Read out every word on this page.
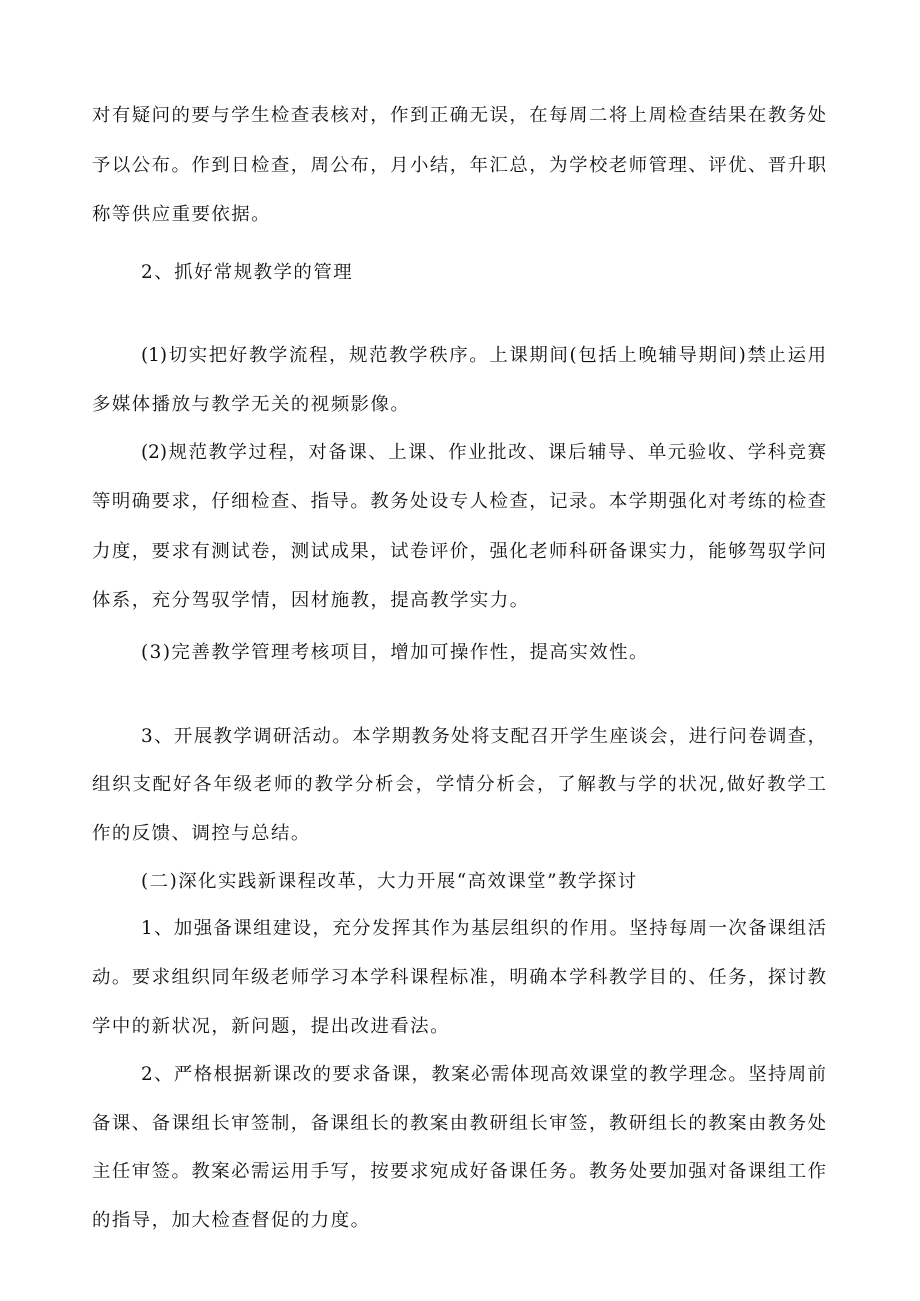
对有疑问的要与学生检查表核对，作到正确无误，在每周二将上周检查结果在教务处
予以公布。作到日检查，周公布，月小结，年汇总，为学校老师管理、评优、晋升职
称等供应重要依据。
2、抓好常规教学的管理
(1)切实把好教学流程，规范教学秩序。上课期间(包括上晚辅导期间)禁止运用
多媒体播放与教学无关的视频影像。
(2)规范教学过程，对备课、上课、作业批改、课后辅导、单元验收、学科竞赛
等明确要求，仔细检查、指导。教务处设专人检查，记录。本学期强化对考练的检查
力度，要求有测试卷，测试成果，试卷评价，强化老师科研备课实力，能够驾驭学问
体系，充分驾驭学情，因材施教，提高教学实力。
(3)完善教学管理考核项目，增加可操作性，提高实效性。
3、开展教学调研活动。本学期教务处将支配召开学生座谈会，进行问卷调查，
组织支配好各年级老师的教学分析会，学情分析会，了解教与学的状况,做好教学工
作的反馈、调控与总结。
(二)深化实践新课程改革，大力开展“高效课堂”教学探讨
1、加强备课组建设，充分发挥其作为基层组织的作用。坚持每周一次备课组活
动。要求组织同年级老师学习本学科课程标准，明确本学科教学目的、任务，探讨教
学中的新状况，新问题，提出改进看法。
2、严格根据新课改的要求备课，教案必需体现高效课堂的教学理念。坚持周前
备课、备课组长审签制，备课组长的教案由教研组长审签，教研组长的教案由教务处
主任审签。教案必需运用手写，按要求宛成好备课任务。教务处要加强对备课组工作
的指导，加大检查督促的力度。
